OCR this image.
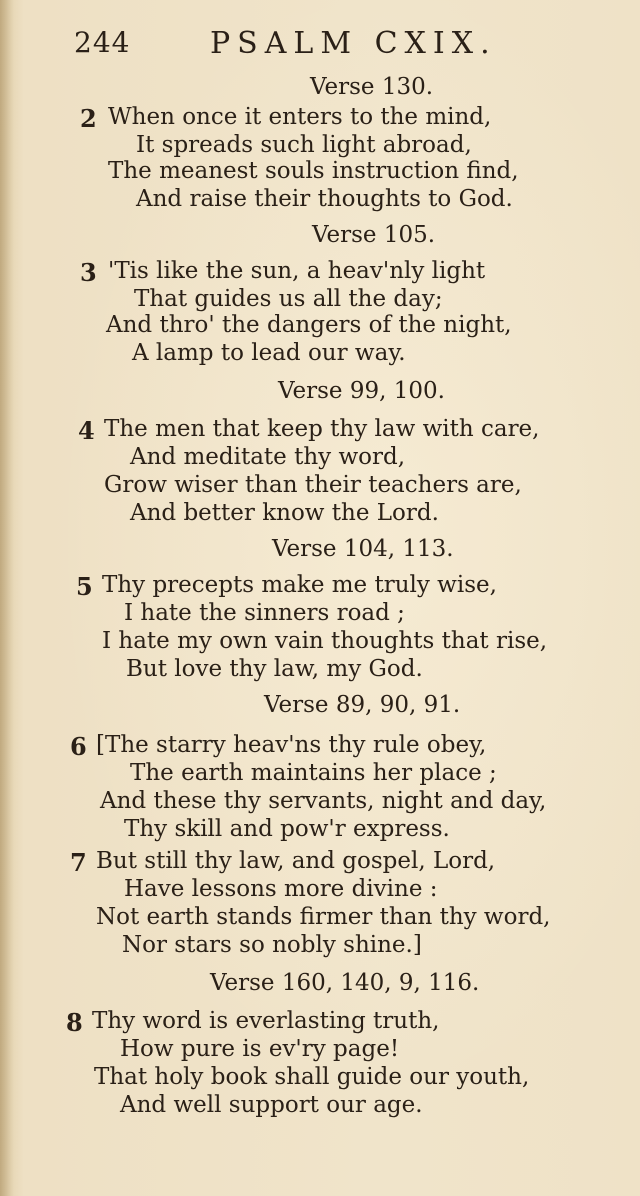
244	PSALM CXIX.
Verse 130.
2 When once it enters to the mind,
It spreads such light abroad,
The meanest souls instruction find,
And raise their thoughts to God.
Verse 105.
3 'Tis like the sun, a heav'nly light
That guides us all the day;
And thro' the dangers of the night,
A lamp to lead our way.
Verse 99, 100.
4 The men that keep thy law with care,
And meditate thy word,
Grow wiser than their teachers are,
And better know the Lord.
Verse 104, 113.
5 Thy precepts make me truly wise,
I hate the sinners road ;
I hate my own vain thoughts that rise,
But love thy law, my God.
Verse 89, 90, 91.
6 [The starry heav'ns thy rule obey,
The earth maintains her place ;
And these thy servants, night and day,
Thy skill and pow'r express.
7 But still thy law, and gospel, Lord,
Have lessons more divine :
Not earth stands firmer than thy word,
Nor stars so nobly shine.]
Verse 160, 140, 9, 116.
8 Thy word is everlasting truth,
How pure is ev'ry page!
That holy book shall guide our youth,
And well support our age.
